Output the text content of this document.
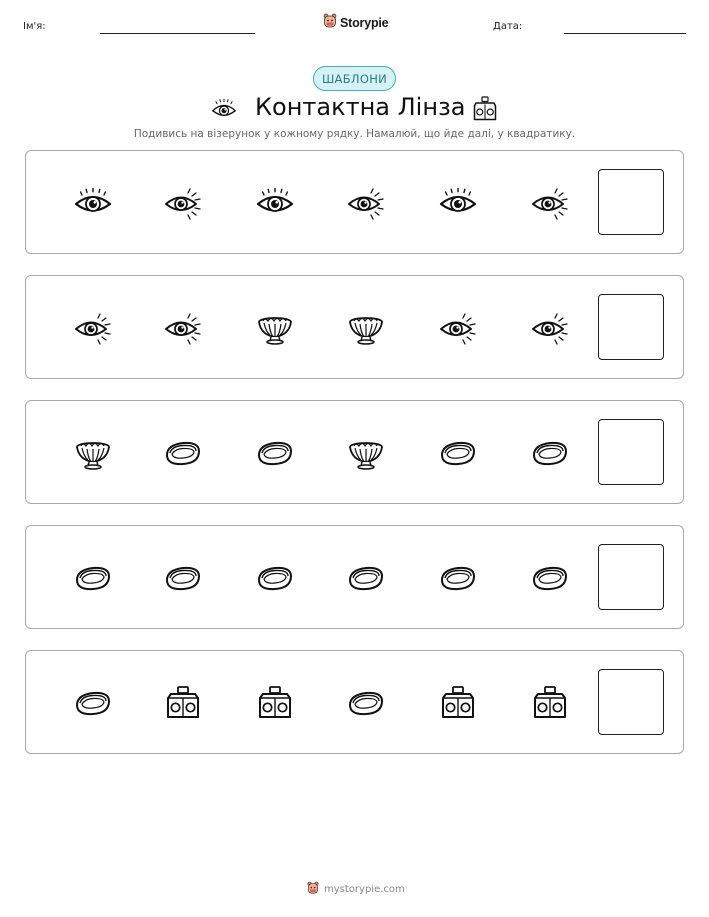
Ім'я:	Storypie	Дата:
ШАБЛОНИ
Контактна Лінза
Подивись на візерунок у кожному рядку. Намалюй, що йде далі, у квадратику.
mystorypie.com
